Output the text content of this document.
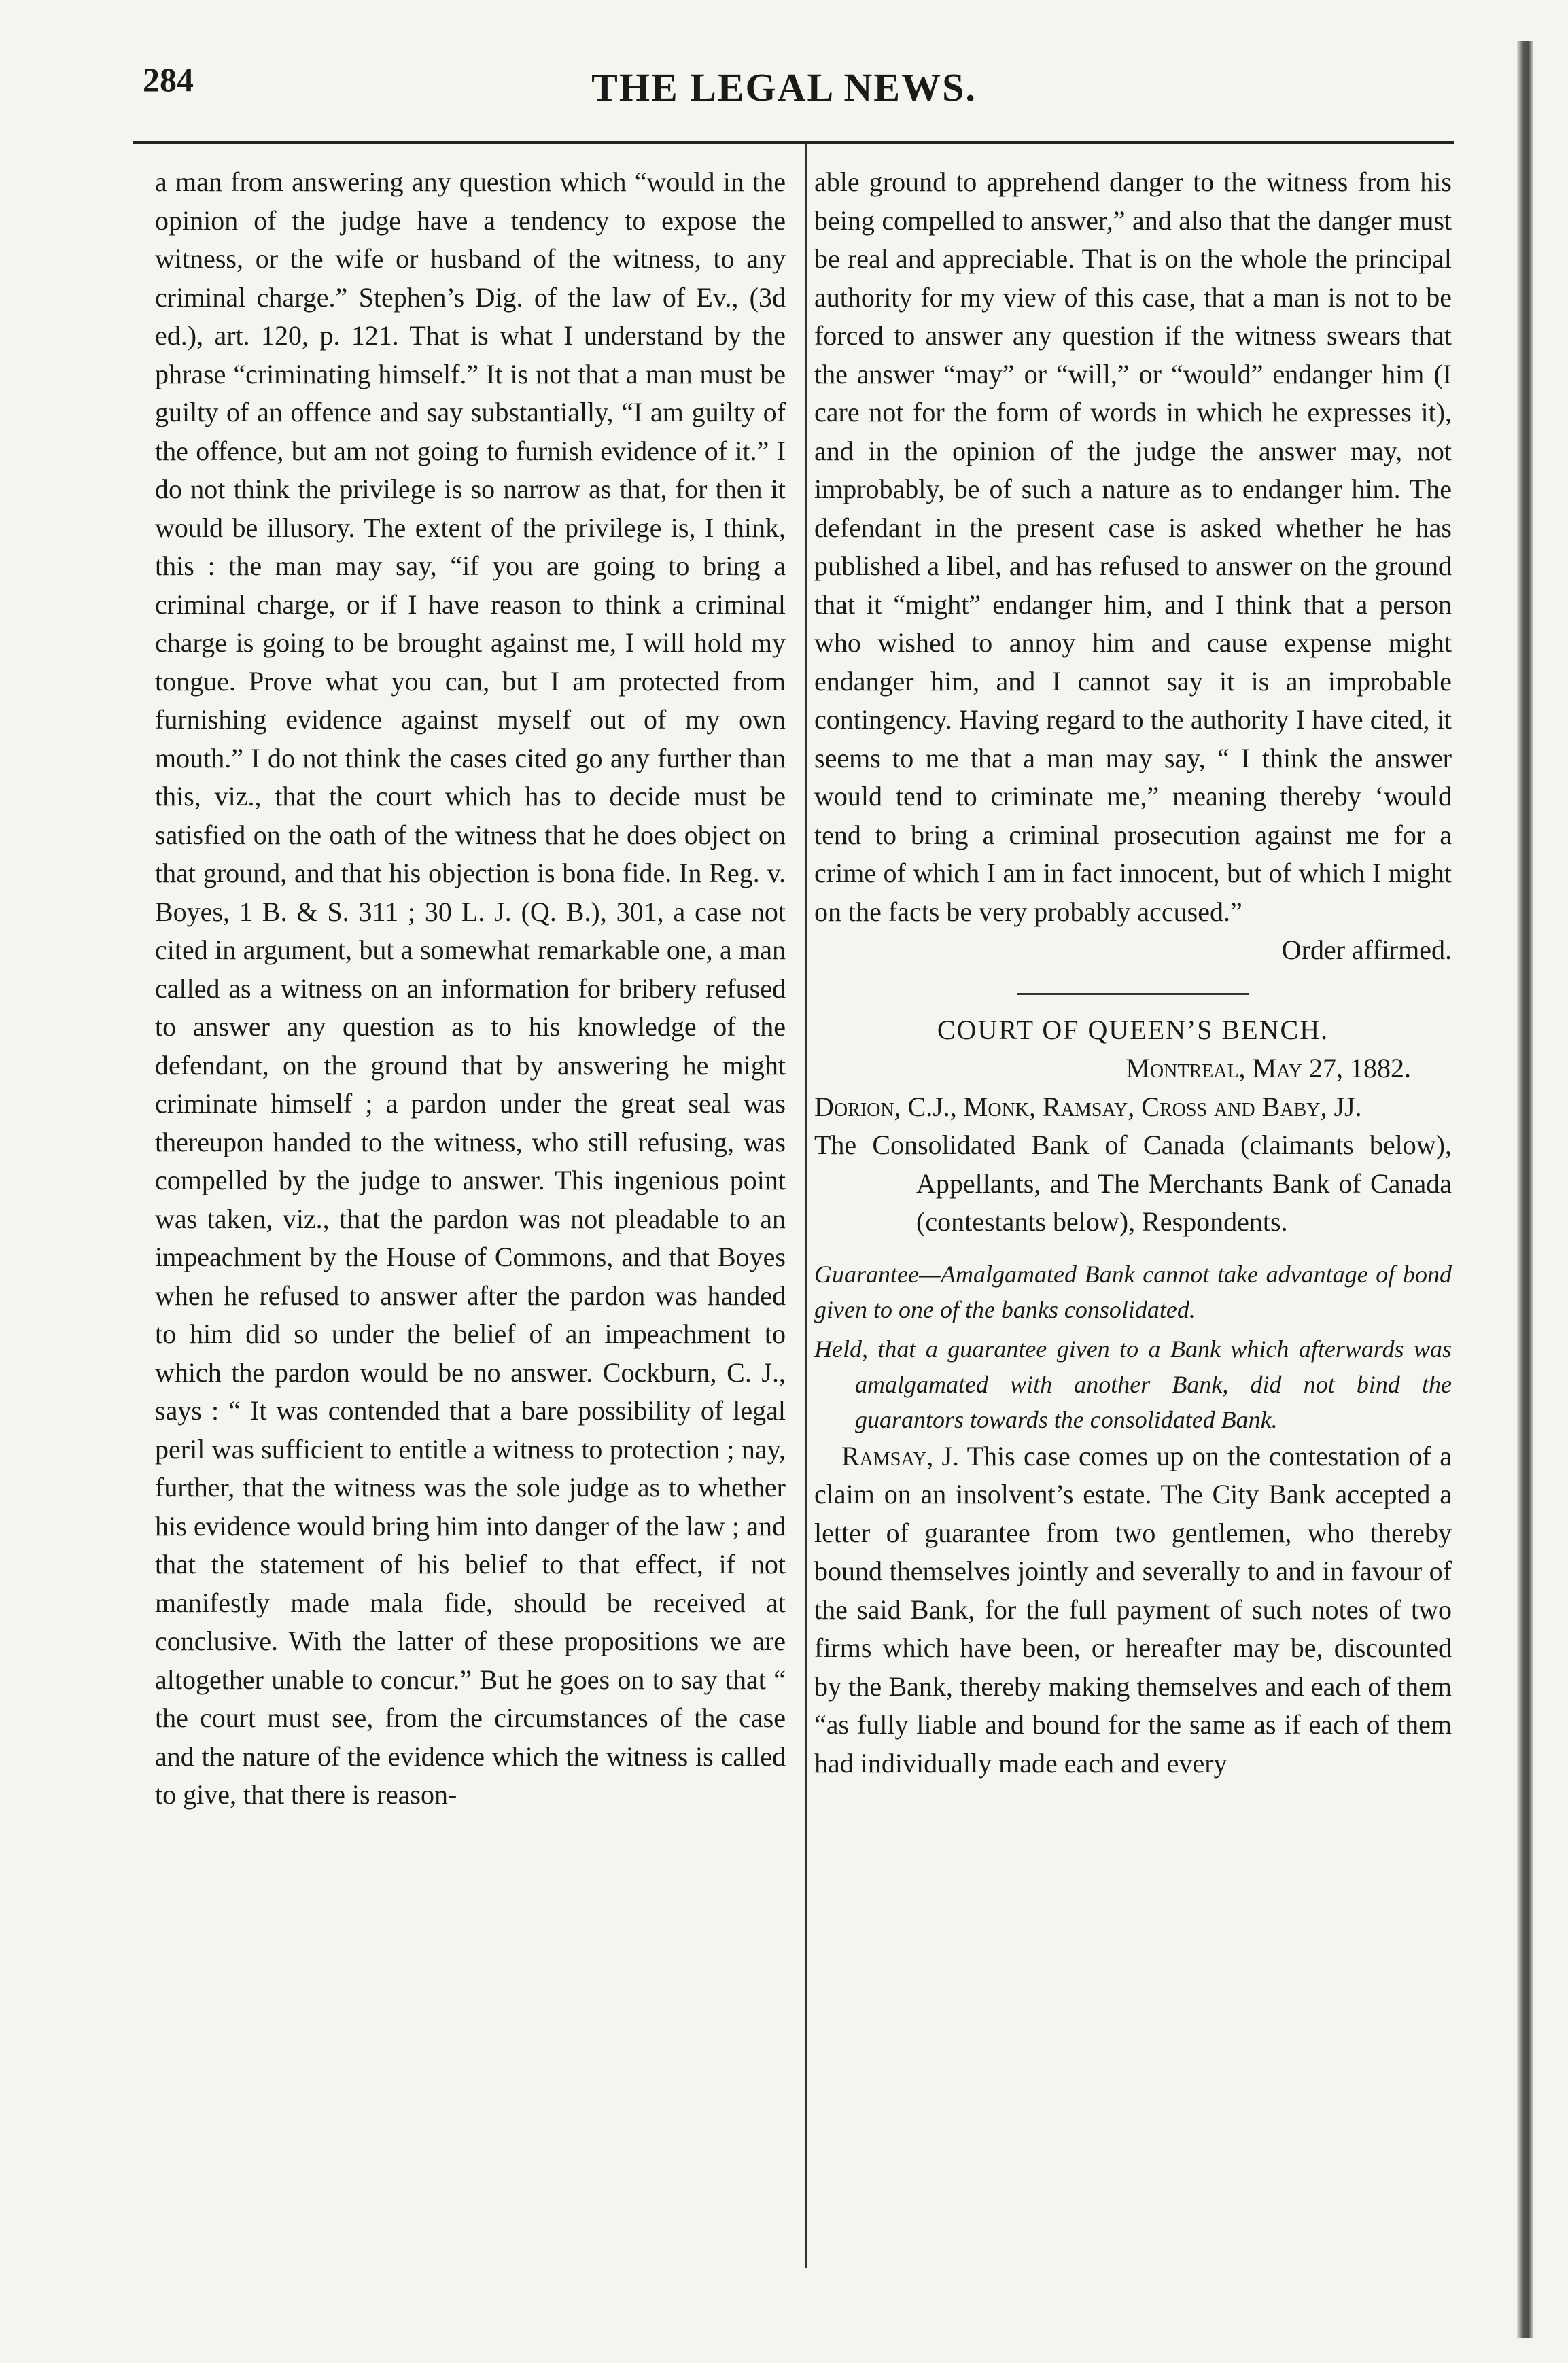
284	THE LEGAL NEWS.

a man from answering any question which “would in the opinion of the judge have a tendency to expose the witness, or the wife or husband of the witness, to any criminal charge.” Stephen’s Dig. of the law of Ev., (3d ed.), art. 120, p. 121. That is what I understand by the phrase “criminating himself.” It is not that a man must be guilty of an offence and say substantially, “I am guilty of the offence, but am not going to furnish evidence of it.” I do not think the privilege is so narrow as that, for then it would be illusory. The extent of the privilege is, I think, this : the man may say, “if you are going to bring a criminal charge, or if I have reason to think a criminal charge is going to be brought against me, I will hold my tongue. Prove what you can, but I am protected from furnishing evidence against myself out of my own mouth.” I do not think the cases cited go any further than this, viz., that the court which has to decide must be satisfied on the oath of the witness that he does object on that ground, and that his objection is bona fide. In Reg. v. Boyes, 1 B. & S. 311 ; 30 L. J. (Q. B.), 301, a case not cited in argument, but a somewhat remarkable one, a man called as a witness on an information for bribery refused to answer any question as to his knowledge of the defendant, on the ground that by answering he might criminate himself ; a pardon under the great seal was thereupon handed to the witness, who still refusing, was compelled by the judge to answer. This ingenious point was taken, viz., that the pardon was not pleadable to an impeachment by the House of Commons, and that Boyes when he refused to answer after the pardon was handed to him did so under the belief of an impeachment to which the pardon would be no answer. Cockburn, C. J., says : “ It was contended that a bare possibility of legal peril was sufficient to entitle a witness to protection ; nay, further, that the witness was the sole judge as to whether his evidence would bring him into danger of the law ; and that the statement of his belief to that effect, if not manifestly made mala fide, should be received at conclusive. With the latter of these propositions we are altogether unable to concur.” But he goes on to say that “ the court must see, from the circumstances of the case and the nature of the evidence which the witness is called to give, that there is reason-

able ground to apprehend danger to the witness from his being compelled to answer,” and also that the danger must be real and appreciable. That is on the whole the principal authority for my view of this case, that a man is not to be forced to answer any question if the witness swears that the answer “may” or “will,” or “would” endanger him (I care not for the form of words in which he expresses it), and in the opinion of the judge the answer may, not improbably, be of such a nature as to endanger him. The defendant in the present case is asked whether he has published a libel, and has refused to answer on the ground that it “might” endanger him, and I think that a person who wished to annoy him and cause expense might endanger him, and I cannot say it is an improbable contingency. Having regard to the authority I have cited, it seems to me that a man may say, “ I think the answer would tend to criminate me,” meaning thereby ‘would tend to bring a criminal prosecution against me for a crime of which I am in fact innocent, but of which I might on the facts be very probably accused.”

Order affirmed.

COURT OF QUEEN’S BENCH.

Montreal, May 27, 1882.

Dorion, C.J., Monk, Ramsay, Cross and Baby, JJ.

The Consolidated Bank of Canada (claimants below), Appellants, and The Merchants Bank of Canada (contestants below), Respondents.

Guarantee—Amalgamated Bank cannot take advantage of bond given to one of the banks consolidated.

Held, that a guarantee given to a Bank which afterwards was amalgamated with another Bank, did not bind the guarantors towards the consolidated Bank.

Ramsay, J. This case comes up on the contestation of a claim on an insolvent’s estate. The City Bank accepted a letter of guarantee from two gentlemen, who thereby bound themselves jointly and severally to and in favour of the said Bank, for the full payment of such notes of two firms which have been, or hereafter may be, discounted by the Bank, thereby making themselves and each of them “as fully liable and bound for the same as if each of them had individually made each and every
